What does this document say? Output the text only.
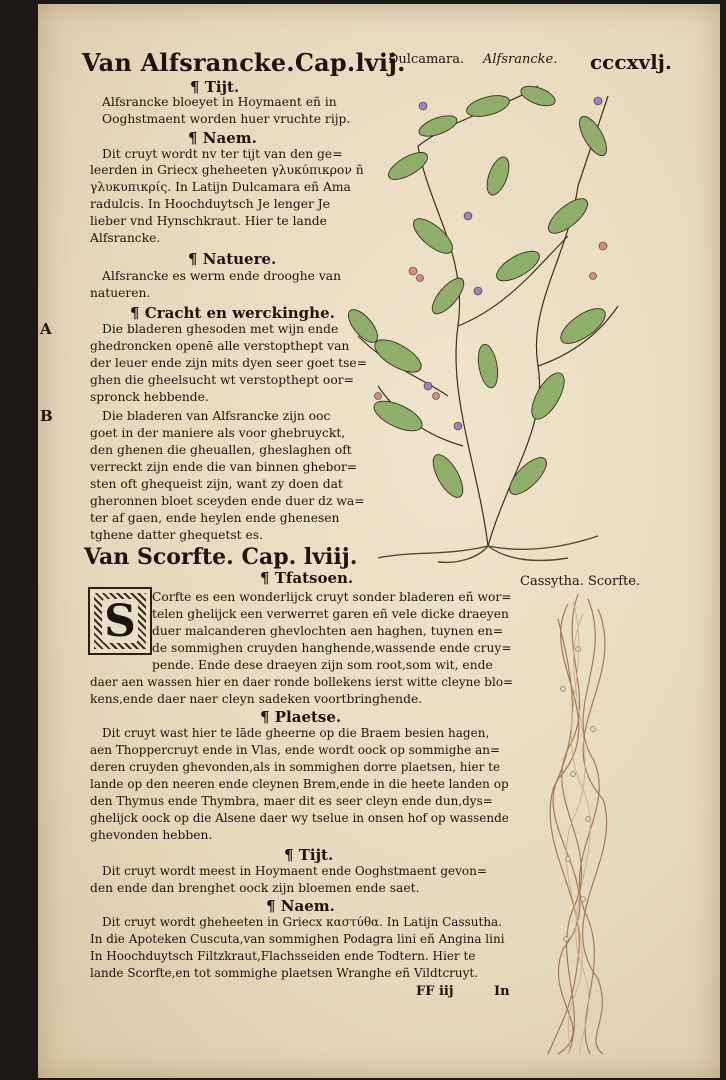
Van Alfsrancke.Cap.lvij.
Dulcamara. Alfsrancke. cccxvlj.
¶ Tijt.
Alfsrancke bloeyet in Hoymaent eñ in
Ooghstmaent worden huer vruchte rijp.
¶ Naem.
Dit cruyt wordt nv ter tijt van den ge=
leerden in Griecx gheheeten γλυκύπικρον ñ
γλυκυπικρίς. In Latijn Dulcamara eñ Ama
radulcis. In Hoochduytsch Je lenger Je
lieber vnd Hynschkraut. Hier te lande
Alfsrancke.
¶ Natuere.
Alfsrancke es werm ende drooghe van
natueren.
¶ Cracht en werckinghe.
A	Die bladeren ghesoden met wijn ende
ghedroncken openē alle verstopthept van
der leuer ende zijn mits dyen seer goet tse=
ghen die gheelsucht wt verstopthept oor=
spronck hebbende.
B	Die bladeren van Alfsrancke zijn ooc
goet in der maniere als voor ghebruyckt,
den ghenen die gheuallen, gheslaghen oft
verreckt zijn ende die van binnen ghebor=
sten oft ghequeist zijn, want zy doen dat
gheronnen bloet sceyden ende duer dz wa=
ter af gaen, ende heylen ende ghenesen
tghene datter ghequetst es.
Van Scorfte. Cap. lviij.
¶ Tfatsoen.	Cassytha. Scorfte.
S Corfte es een wonderlijck cruyt sonder bladeren eñ wor=
telen ghelijck een verwerret garen eñ vele dicke draeyen
duer malcanderen ghevlochten aen haghen, tuynen en=
de sommighen cruyden hanghende,wassende ende cruy=
pende. Ende dese draeyen zijn som root,som wit, ende
daer aen wassen hier en daer ronde bollekens ierst witte cleyne blo=
kens,ende daer naer cleyn sadeken voortbringhende.
¶ Plaetse.
Dit cruyt wast hier te lāde gheerne op die Braem besien hagen,
aen Thoppercruyt ende in Vlas, ende wordt oock op sommighe an=
deren cruyden ghevonden,als in sommighen dorre plaetsen, hier te
lande op den neeren ende cleynen Brem,ende in die heete landen op
den Thymus ende Thymbra, maer dit es seer cleyn ende dun,dys=
ghelijck oock op die Alsene daer wy tselue in onsen hof op wassende
ghevonden hebben.
¶ Tijt.
Dit cruyt wordt meest in Hoymaent ende Ooghstmaent gevon=
den ende dan brenghet oock zijn bloemen ende saet.
¶ Naem.
Dit cruyt wordt gheheeten in Griecx καστύθα. In Latijn Cassutha.
In die Apoteken Cuscuta,van sommighen Podagra lini eñ Angina lini
In Hoochduytsch Filtzkraut,Flachsseiden ende Todtern. Hier te
lande Scorfte,en tot sommighe plaetsen Wranghe eñ Vildtcruyt.
FF iij	In
